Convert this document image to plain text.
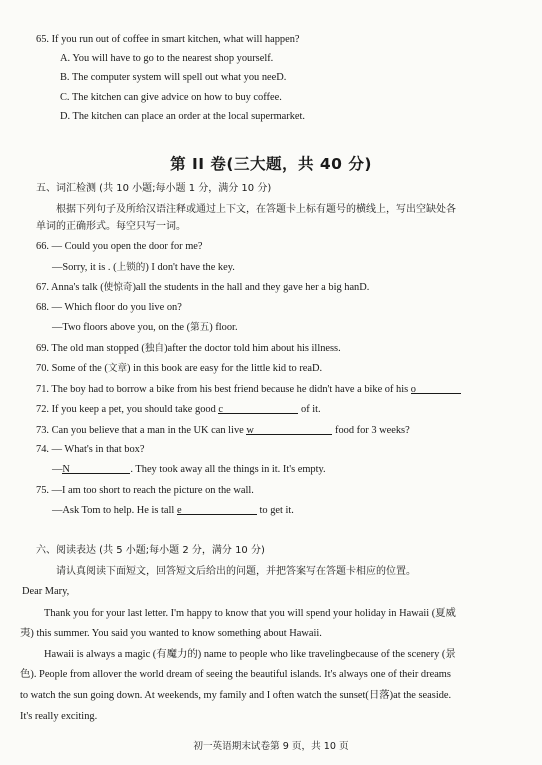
65. If you run out of coffee in smart kitchen, what will happen?
A. You will have to go to the nearest shop yourself.
B. The computer system will spell out what you neeD.
C. The kitchen can give advice on how to buy coffee.
D. The kitchen can place an order at the local supermarket.
第 II 卷(三大题，共 40 分)
五、词汇检测 (共 10 小题;每小题 1 分，满分 10 分)
根据下列句子及所给汉语注释或通过上下文，在答题卡上标有题号的横线上，写出空缺处各
单词的正确形式。每空只写一词。
66. — Could you open the door for me?
—Sorry, it is . (上锁的) I don't have the key.
67. Anna's talk (使惊奇)all the students in the hall and they gave her a big hanD.
68. — Which floor do you live on?
—Two floors above you, on the (第五) floor.
69. The old man stopped (独自)after the doctor told him about his illness.
70. Some of the (文章) in this book are easy for the little kid to reaD.
71. The boy had to borrow a bike from his best friend because he didn't have a bike of his o
72. If you keep a pet, you should take good c	of it.
73. Can you believe that a man in the UK can live w	food for 3 weeks?
74. — What's in that box?
—N	. They took away all the things in it. It's empty.
75. —I am too short to reach the picture on the wall.
—Ask Tom to help. He is tall e	to get it.
六、阅读表达 (共 5 小题;每小题 2 分，满分 10 分)
请认真阅读下面短文，回答短文后给出的问题，并把答案写在答题卡相应的位置。
Dear Mary,
Thank you for your last letter. I'm happy to know that you will spend your holiday in Hawaii (夏威
夷) this summer. You said you wanted to know something about Hawaii.
Hawaii is always a magic (有魔力的) name to people who like travelingbecause of the scenery (景
色). People from allover the world dream of seeing the beautiful islands. It's always one of their dreams
to watch the sun going down. At weekends, my family and I often watch the sunset(日落)at the seaside.
It's really exciting.
初一英语期末试卷第 9 页，共 10 页
